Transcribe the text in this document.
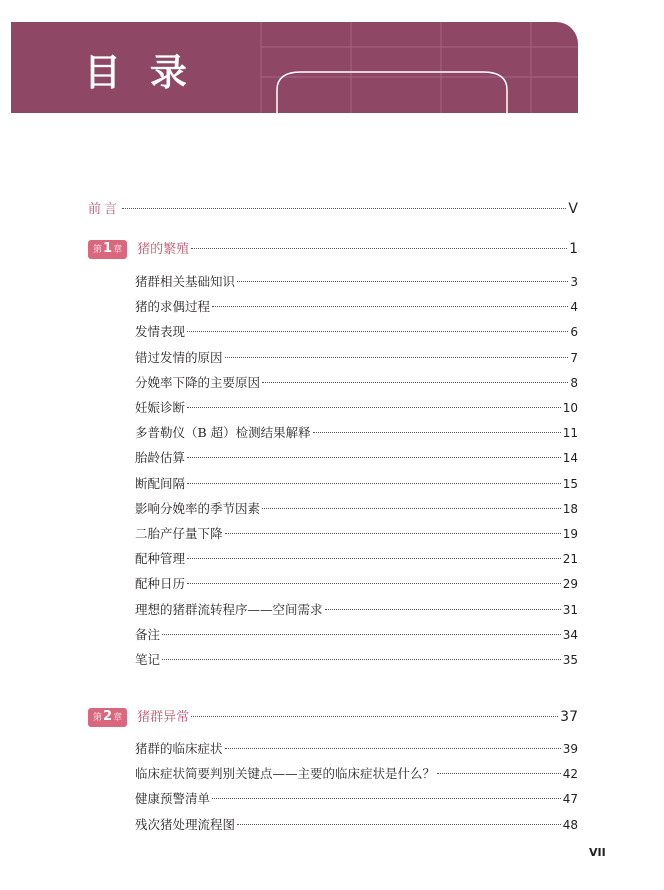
目 录
前言	V
第1章 猪的繁殖	1
猪群相关基础知识	3
猪的求偶过程	4
发情表现	6
错过发情的原因	7
分娩率下降的主要原因	8
妊娠诊断	10
多普勒仪（B 超）检测结果解释	11
胎龄估算	14
断配间隔	15
影响分娩率的季节因素	18
二胎产仔量下降	19
配种管理	21
配种日历	29
理想的猪群流转程序——空间需求	31
备注	34
笔记	35
第2章 猪群异常	37
猪群的临床症状	39
临床症状简要判别关键点——主要的临床症状是什么？	42
健康预警清单	47
残次猪处理流程图	48
VII
